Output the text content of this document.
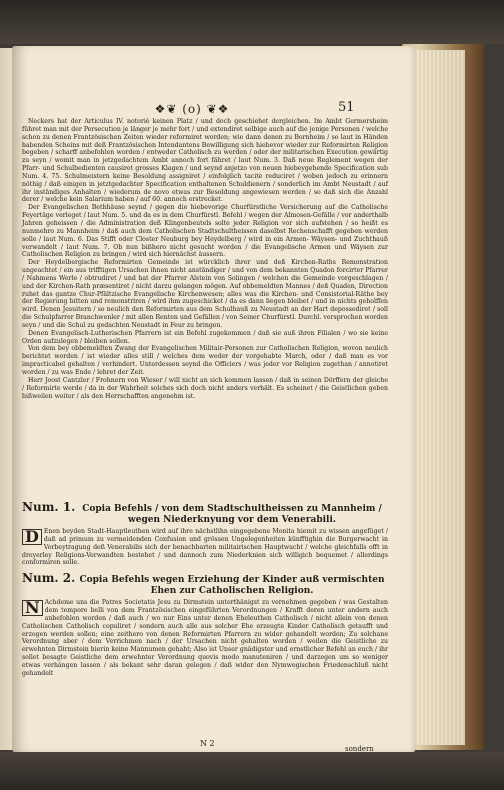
❖❦ (o) ❦❖	51

Neckers hat der Articulus IV. notoriè keinen Platz / und doch geschiehet dergleichen. Im Ambt Germersheim führet man mit der Persecution je länger je mehr fort / und extendiret selbige auch auf die jenige Personen / welche schon zu denen Frantzösischen Zeiten wieder reformiret worden; wie dann denen zu Bornheim / so laut in Händen habenden Scheins mit deß Frantzösischen Intendantens Bewilligung sich hiebevor wieder zur Reformirten Religion begeben / scharff anbefohlen worden / entweder Catholisch zu werden / oder der militarischen Execution gewärtig zu seyn / womit man in jetzgedachtem Ambt annoch fort fähret / laut Num. 3. Daß neue Reglement wegen der Pfarr- und Schulbedienten causiret grosses Klagen / und seynd anjetzo von neuen hiebeygehende Specification sub Num. 4. 75. Schulmeistern keine Besoldung assigniret / einfolglich tacitè reduciret / woben jedoch zu erinnern nöthig / daß einigen in jetztgedachter Specification enthaltenen Schuldienern / sonderlich im Ambt Neustadt / auf ihr inständiges Anhalten / wiederum de novo etwas zur Besoldung angewiesen werden / so daß sich die Anzahl derer / welche kein Salarium haben / auf 60. annoch erstrecket.

Der Evangelischen Bethhäuse seynd / gegen die hiebevorige Churfürstliche Versicherung auf die Catholische Feyertäge verleget / laut Num. 5. und da es in dem Churfürstl. Befehl / wegen der Almosen-Gefälle / vor anderthalb Jahren geheissen / die Administration deß Klingenbeutels solte jeder Religion vor sich aufstehen / so heißt es nunmehro zu Mannheim / daß auch dem Catholischen Stadtschultheissen daselbst Rechenschafft gegeben werden solle / laut Num. 6. Das Stifft oder Closter Neuburg bey Heydelberg / wird in ein Armen- Wäysen- und Zuchthauß verwandelt / laut Num. 7. Ob nun bißhero nicht gesucht worden / die Evangelische Armen und Wäysen zur Catholischen Religion zu bringen / wird sich hiernächst äussern.

Der Heydelbergische Reformirten Gemeinde ist würcklich ihrer und deß Kirchen-Raths Remonstration ungeachtet / ein aus trifftigen Ursachen ihnen nicht anständiger / und von dem bekannten Quadon forcirter Pfarrer / Nahmens Werle / obtrudiret / und hat der Pfarrer Alstein von Solingen / welchen die Gemeinde vorgeschlagen / und der Kirchen-Rath præsentiret / nicht darzu gelangen mögen. Auf obbemeldten Mannes / deß Quaden, Direction ruhet das gantze Chur-Pfältzische Evangelische Kirchenwesen; alles was die Kirchen- und Consistorial-Räthe bey der Regierung bitten und remonstriren / wird ihm zugeschicket / da es dann liegen bleibet / und in nichts geholffen wird. Denen Jesuitern / so neulich den Reformirten aus dem Schulhauß zu Neustadt an der Hart depossediret / soll die Schulpfarrer Branchwenler / mit allen Renten und Gefällen / von Seiner Churfürstl. Durchl. versprochen worden seyn / und die Schul zu gedachten Neustadt in Feur zu bringen.

Denen Evangelisch-Lutherischen Pfarrern ist ein Befehl zugekommen / daß sie auß ihren Filialen / wo sie keine Orden aufzulegen / bleiben sollen.

Von dem bey obbemeldten Zwang der Evangelischen Militair-Personen zur Catholischen Religion, wovon neulich berichtet worden / ist wieder alles still / welches dem weder der vorgehabte March, oder / daß man es vor impracticabel gehalten / verhindert. Unterdessen seynd die Officiers / was jeder vor Religion zugethan / annotiret worden / zu was Ende / lehret der Zeit.

Herr Joost Cantzler / Frohnern von Wieser / will nicht an sich kommen lassen / daß in seinen Dörffern der gleiche / Reformirte werde / da in der Wahrheit solches sich doch nicht anders verhält. Es scheinet / die Geistlichen geben bißweilen weiter / als den Herrschafften angenehm ist.

Num. 1. Copia Befehls / von dem Stadtschultheissen zu Mannheim / wegen Niederknyung vor dem Venerabili.
D Enen beyden Stadt-Hauptleuthen wird auf ihre nächstlihn eingegebene Monita hiemit zu wissen angefüget / daß ad primum zu vermeidenden Confusion und grössen Ungelegenheiten künfftighin die Burgerwacht in Vorbeytragung deß Venerabilis sich der benachbarten militairischen Hauptwacht / welche gleichfalls offt in dreyerley Religions-Verwandten bestehet / und dannoch zum Niederknien sich willigich bequemet / allerdings conformiren solle.
Num. 2. Copia Befehls wegen Erziehung der Kinder auß vermischten Ehen zur Catholischen Religion.
N Achdeme uns die Patres Societatis Jesu zu Dirmstein unterthänigst zu vernehmen gegeben / was Gestalten dem tempore belli von dem Frantzösischen eingeführten Verordnungen / Krafft deren unter andern auch anbefohlen worden / daß auch / wo nur Eins unter denen Eheleuthen Catholisch / nicht allein von denen Catholischen Catholisch copuliret / sondern auch alle aus solcher Ehe erzeugte Kinder Catholisch getaufft und erzogen werden sollen; eine zeithero von denen Reformirten Pfarrern zu wider gehandelt worden; Zu solchane Verordnung aber / dem Verrichmen nach / der Ursachen nicht gehalten worden / weilen die Geistliche zu erwehnten Dirmstein hierin keine Mannumen gehabt; Also ist Unser gnädigster und ernstlicher Befehl an euch / ihr sollet besagte Geistliche dem erwehnter Verordnung quovis modo manuteniren / und darzegen um so weniger etwas verhängen lassen / als bekant sehr daran gelegen / daß wider den Nymwegischen Friedenschluß nicht gehandelt
N 2
sondern
